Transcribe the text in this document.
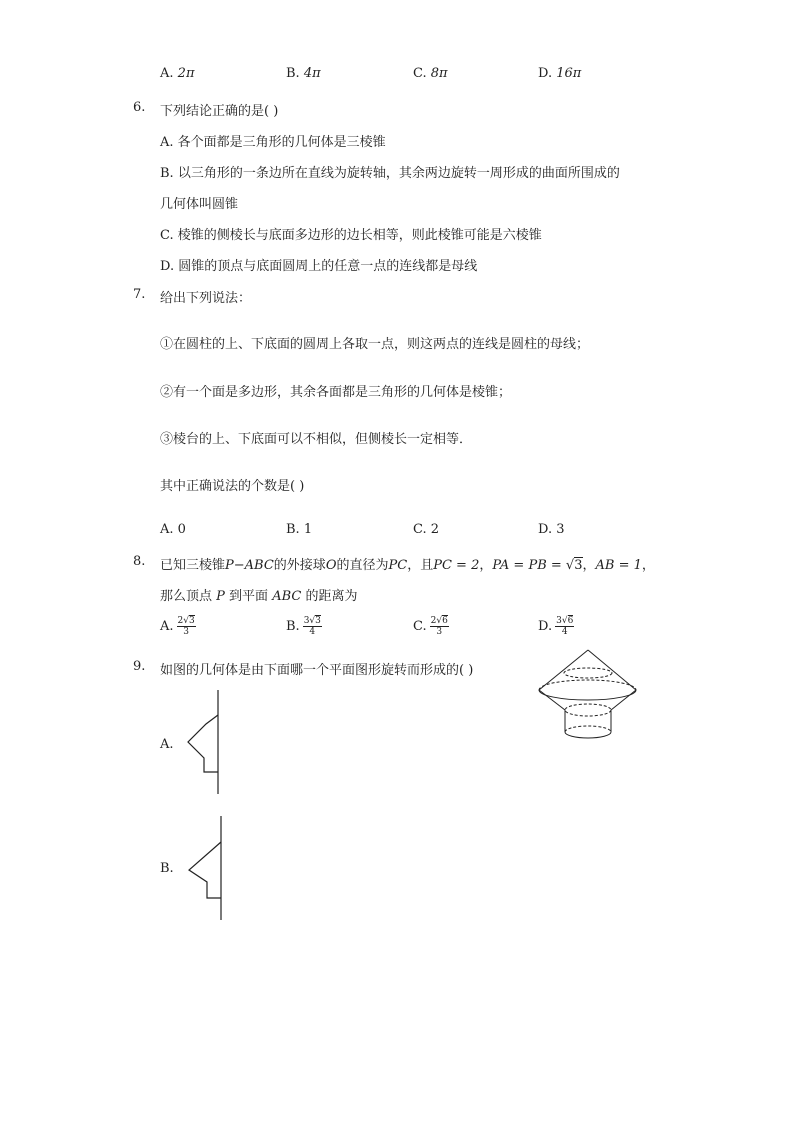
A. 2π	B. 4π	C. 8π	D. 16π
6. 下列结论正确的是( )
A. 各个面都是三角形的几何体是三棱锥
B. 以三角形的一条边所在直线为旋转轴，其余两边旋转一周形成的曲面所围成的
几何体叫圆锥
C. 棱锥的侧棱长与底面多边形的边长相等，则此棱锥可能是六棱锥
D. 圆锥的顶点与底面圆周上的任意一点的连线都是母线
7. 给出下列说法：
①在圆柱的上、下底面的圆周上各取一点，则这两点的连线是圆柱的母线；
②有一个面是多边形，其余各面都是三角形的几何体是棱锥；
③棱台的上、下底面可以不相似，但侧棱长一定相等．
其中正确说法的个数是( )
A. 0	B. 1	C. 2	D. 3
8. 已知三棱锥P−ABC的外接球O的直径为PC，且PC = 2，PA = PB = √3，AB = 1，
那么顶点 P 到平面 ABC 的距离为
A. $\frac{2√3}{3}$	B. $\frac{3√3}{4}$	C. $\frac{2√6}{3}$	D. $\frac{3√6}{4}$
9. 如图的几何体是由下面哪一个平面图形旋转而形成的( )
A.
B.
